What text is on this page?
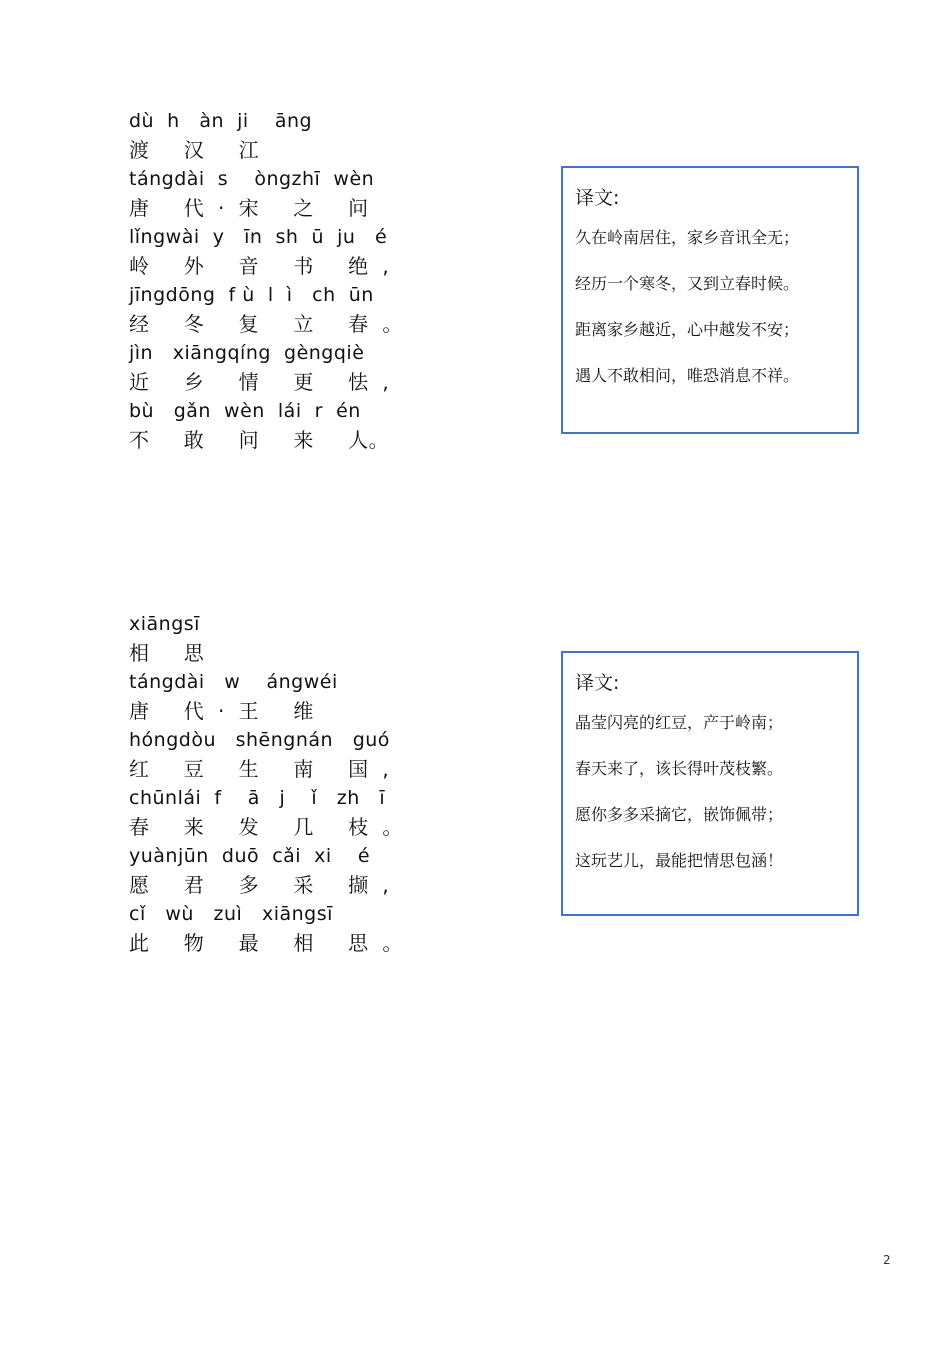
dù  h   àn  ji    āng
渡     汉     江
tángdài  s    òngzhī  wèn
唐     代  ·  宋     之     问
lǐngwài  y   īn  sh  ū  ju   é
岭     外     音     书     绝  ,
jīngdōng  f ù  l  ì   ch  ūn
经     冬     复     立     春  。
jìn   xiāngqíng  gèngqiè
近     乡     情     更     怯  ,
bù   gǎn  wèn  lái  r  én
不     敢     问     来     人。
译文:
久在岭南居住，家乡音讯全无；
经历一个寒冬，又到立春时候。
距离家乡越近，心中越发不安；
遇人不敢相问，唯恐消息不祥。
xiāngsī
相     思
tángdài   w    ángwéi
唐     代  ·  王     维
hóngdòu   shēngnán   guó
红     豆     生     南     国  ,
chūnlái  f    ā   j    ǐ   zh   ī
春     来     发     几     枝  。
yuànjūn  duō  cǎi  xi    é
愿     君     多     采     撷  ,
cǐ   wù   zuì   xiāngsī
此     物     最     相     思  。
译文:
晶莹闪亮的红豆，产于岭南；
春天来了，该长得叶茂枝繁。
愿你多多采摘它，嵌饰佩带；
这玩艺儿，最能把情思包涵！
2
